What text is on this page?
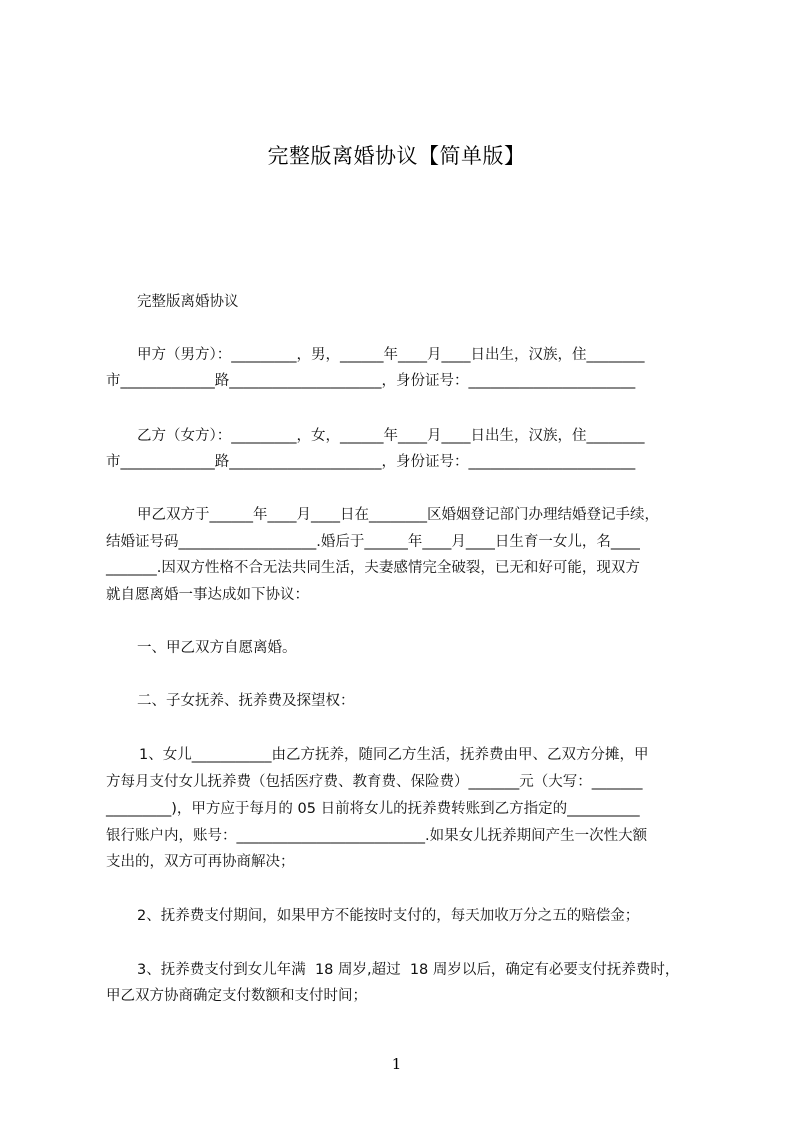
完整版离婚协议【简单版】
完整版离婚协议
甲方（男方）：_________，男，______年____月____日出生，汉族，住________
市_____________路_____________________，身份证号：_______________________
乙方（女方）：_________，女，______年____月____日出生，汉族，住________
市_____________路_____________________，身份证号：_______________________
甲乙双方于______年____月____日在________区婚姻登记部门办理结婚登记手续，
结婚证号码___________________.婚后于______年____月____日生育一女儿，名____
_______.因双方性格不合无法共同生活，夫妻感情完全破裂，已无和好可能，现双方
就自愿离婚一事达成如下协议：
一、甲乙双方自愿离婚。
二、子女抚养、抚养费及探望权：
1、女儿___________由乙方抚养，随同乙方生活，抚养费由甲、乙双方分摊，甲
方每月支付女儿抚养费（包括医疗费、教育费、保险费）_______元（大写：_______
_________)，甲方应于每月的 05 日前将女儿的抚养费转账到乙方指定的__________
银行账户内，账号：__________________________.如果女儿抚养期间产生一次性大额
支出的，双方可再协商解决；
2、抚养费支付期间，如果甲方不能按时支付的，每天加收万分之五的赔偿金；
3、抚养费支付到女儿年满  18 周岁,超过  18 周岁以后，确定有必要支付抚养费时，
甲乙双方协商确定支付数额和支付时间；
1
